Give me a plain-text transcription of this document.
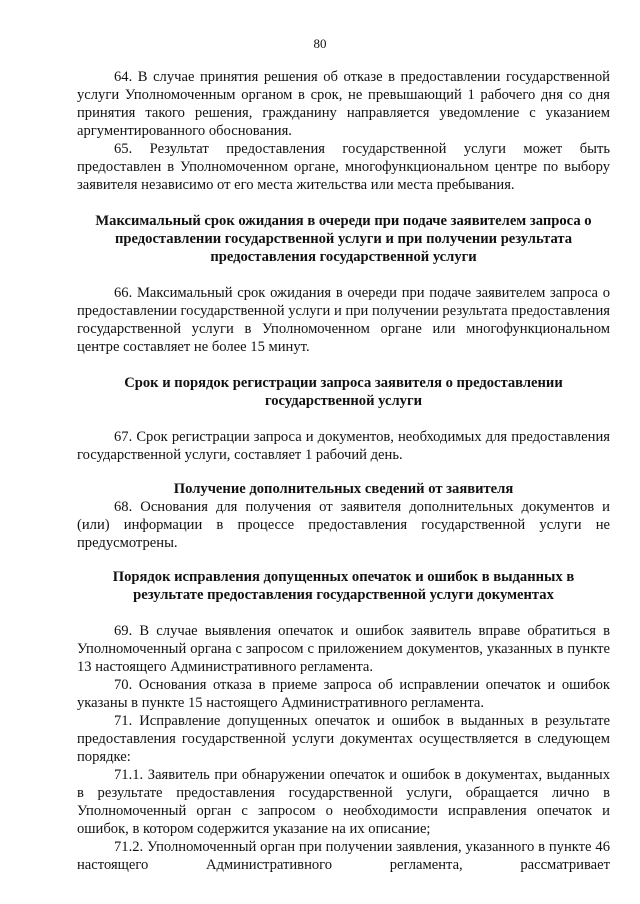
80

64. В случае принятия решения об отказе в предоставлении государственной услуги Уполномоченным органом в срок, не превышающий 1 рабочего дня со дня принятия такого решения, гражданину направляется уведомление с указанием аргументированного обоснования.

65. Результат предоставления государственной услуги может быть предоставлен в Уполномоченном органе, многофункциональном центре по выбору заявителя независимо от его места жительства или места пребывания.

Максимальный срок ожидания в очереди при подаче заявителем запроса о предоставлении государственной услуги и при получении результата предоставления государственной услуги

66. Максимальный срок ожидания в очереди при подаче заявителем запроса о предоставлении государственной услуги и при получении результата предоставления государственной услуги в Уполномоченном органе или многофункциональном центре составляет не более 15 минут.

Срок и порядок регистрации запроса заявителя о предоставлении государственной услуги

67. Срок регистрации запроса и документов, необходимых для предоставления государственной услуги, составляет 1 рабочий день.

Получение дополнительных сведений от заявителя

68. Основания для получения от заявителя дополнительных документов и (или) информации в процессе предоставления государственной услуги не предусмотрены.

Порядок исправления допущенных опечаток и ошибок в выданных в результате предоставления государственной услуги документах

69. В случае выявления опечаток и ошибок заявитель вправе обратиться в Уполномоченный органа с запросом с приложением документов, указанных в пункте 13 настоящего Административного регламента.

70. Основания отказа в приеме запроса об исправлении опечаток и ошибок указаны в пункте 15 настоящего Административного регламента.

71. Исправление допущенных опечаток и ошибок в выданных в результате предоставления государственной услуги документах осуществляется в следующем порядке:

71.1. Заявитель при обнаружении опечаток и ошибок в документах, выданных в результате предоставления государственной услуги, обращается лично в Уполномоченный орган с запросом о необходимости исправления опечаток и ошибок, в котором содержится указание на их описание;

71.2. Уполномоченный орган при получении заявления, указанного в пункте 46 настоящего Административного регламента, рассматривает
